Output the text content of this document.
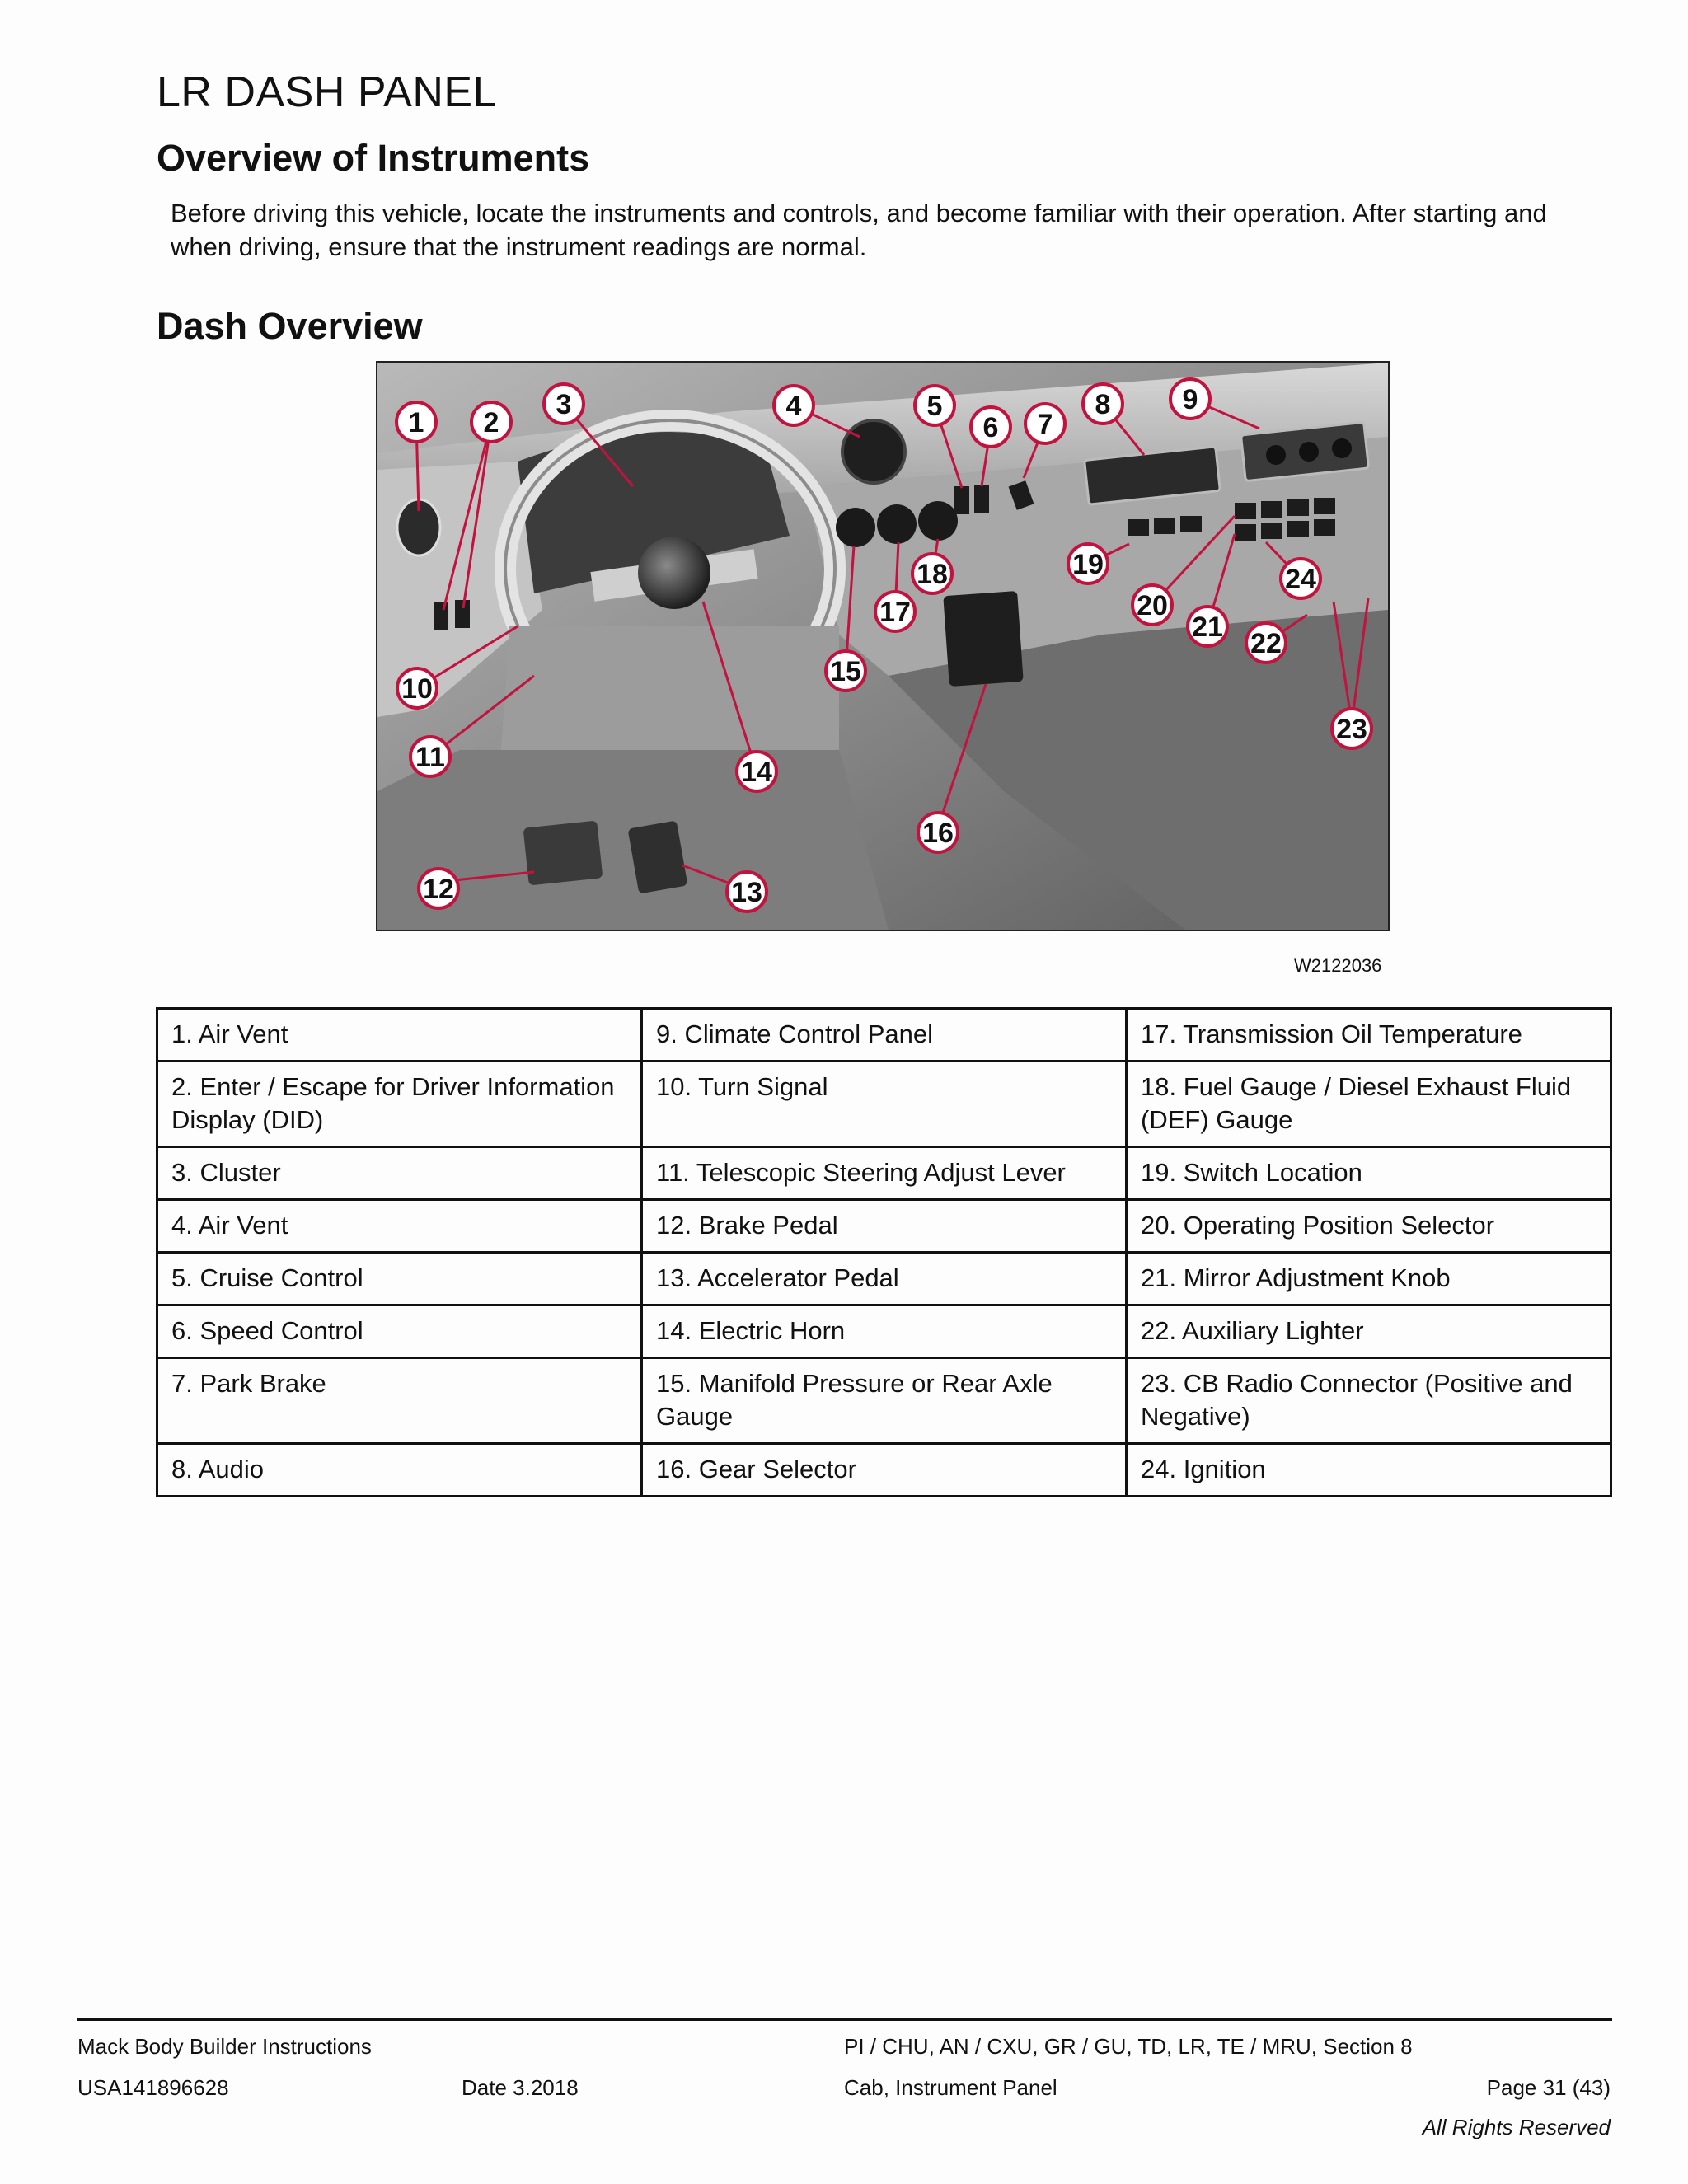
LR DASH PANEL
Overview of Instruments

Before driving this vehicle, locate the instruments and controls, and become familiar with their operation. After starting and when driving, ensure that the instrument readings are normal.

Dash Overview
1 2
3	4	5
6 7
8	9
10
11
12	13
14
15
16
17
18	19
20
21
22
23
24
W2122036
1. Air Vent	9. Climate Control Panel	17. Transmission Oil Temperature
2. Enter / Escape for Driver Information Display (DID)	10. Turn Signal	18. Fuel Gauge / Diesel Exhaust Fluid (DEF) Gauge
3. Cluster	11. Telescopic Steering Adjust Lever	19. Switch Location
4. Air Vent	12. Brake Pedal	20. Operating Position Selector
5. Cruise Control	13. Accelerator Pedal	21. Mirror Adjustment Knob
6. Speed Control	14. Electric Horn	22. Auxiliary Lighter
7. Park Brake	15. Manifold Pressure or Rear Axle Gauge	23. CB Radio Connector (Positive and Negative)
8. Audio	16. Gear Selector	24. Ignition
Mack Body Builder Instructions	PI / CHU, AN / CXU, GR / GU, TD, LR, TE / MRU, Section 8
USA141896628	Date 3.2018	Cab, Instrument Panel	Page 31 (43)
All Rights Reserved
